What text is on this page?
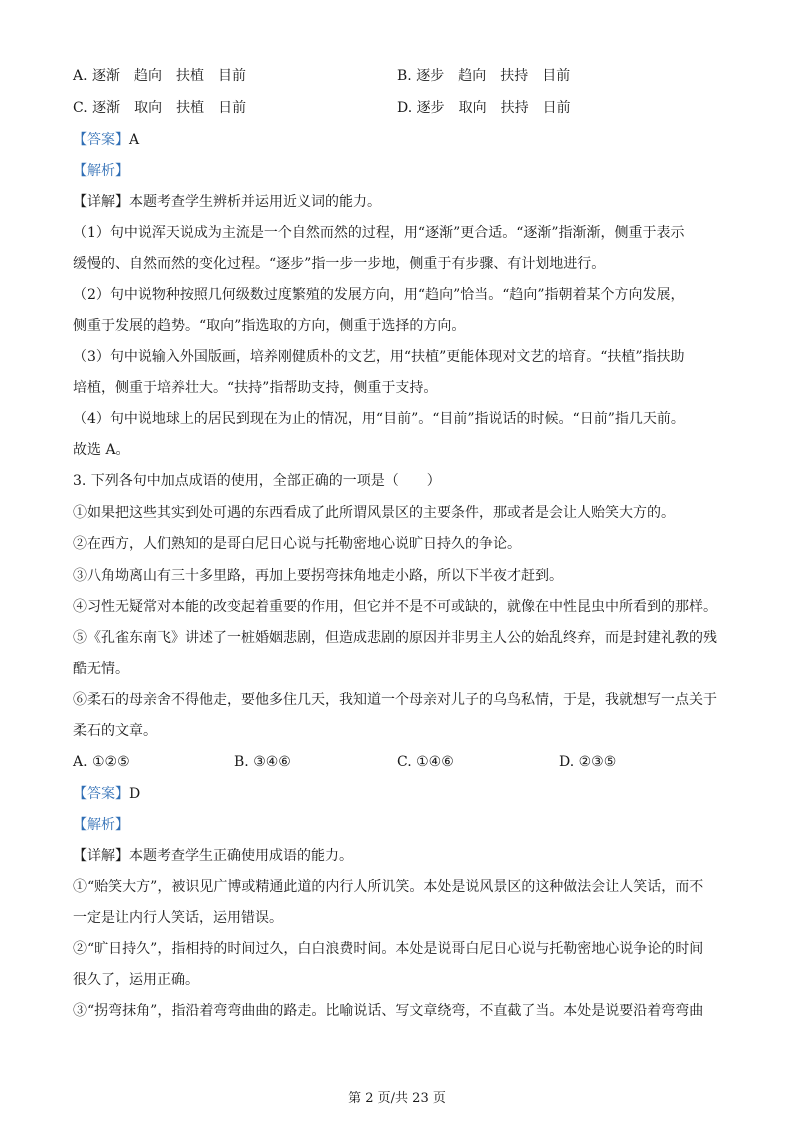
A. 逐渐　趋向　扶植　目前	B. 逐步　趋向　扶持　目前
C. 逐渐　取向　扶植　日前	D. 逐步　取向　扶持　日前
【答案】A
【解析】
【详解】本题考查学生辨析并运用近义词的能力。
（1）句中说浑天说成为主流是一个自然而然的过程，用“逐渐”更合适。“逐渐”指渐渐，侧重于表示
缓慢的、自然而然的变化过程。“逐步”指一步一步地，侧重于有步骤、有计划地进行。
（2）句中说物种按照几何级数过度繁殖的发展方向，用“趋向”恰当。“趋向”指朝着某个方向发展，
侧重于发展的趋势。“取向”指选取的方向，侧重于选择的方向。
（3）句中说输入外国版画，培养刚健质朴的文艺，用“扶植”更能体现对文艺的培育。“扶植”指扶助
培植，侧重于培养壮大。“扶持”指帮助支持，侧重于支持。
（4）句中说地球上的居民到现在为止的情况，用“目前”。“目前”指说话的时候。“日前”指几天前。
故选 A。
3. 下列各句中加点成语的使用，全部正确的一项是（　　）
①如果把这些其实到处可遇的东西看成了此所谓风景区的主要条件，那或者是会让人贻笑大方的。
②在西方，人们熟知的是哥白尼日心说与托勒密地心说旷日持久的争论。
③八角坳离山有三十多里路，再加上要拐弯抹角地走小路，所以下半夜才赶到。
④习性无疑常对本能的改变起着重要的作用，但它并不是不可或缺的，就像在中性昆虫中所看到的那样。
⑤《孔雀东南飞》讲述了一桩婚姻悲剧，但造成悲剧的原因并非男主人公的始乱终弃，而是封建礼教的残
酷无情。
⑥柔石的母亲舍不得他走，要他多住几天，我知道一个母亲对儿子的乌鸟私情，于是，我就想写一点关于
柔石的文章。
A. ①②⑤	B. ③④⑥	C. ①④⑥	D. ②③⑤
【答案】D
【解析】
【详解】本题考查学生正确使用成语的能力。
①“贻笑大方”，被识见广博或精通此道的内行人所讥笑。本处是说风景区的这种做法会让人笑话，而不
一定是让内行人笑话，运用错误。
②“旷日持久”，指相持的时间过久，白白浪费时间。本处是说哥白尼日心说与托勒密地心说争论的时间
很久了，运用正确。
③“拐弯抹角”，指沿着弯弯曲曲的路走。比喻说话、写文章绕弯，不直截了当。本处是说要沿着弯弯曲
第 2 页/共 23 页
